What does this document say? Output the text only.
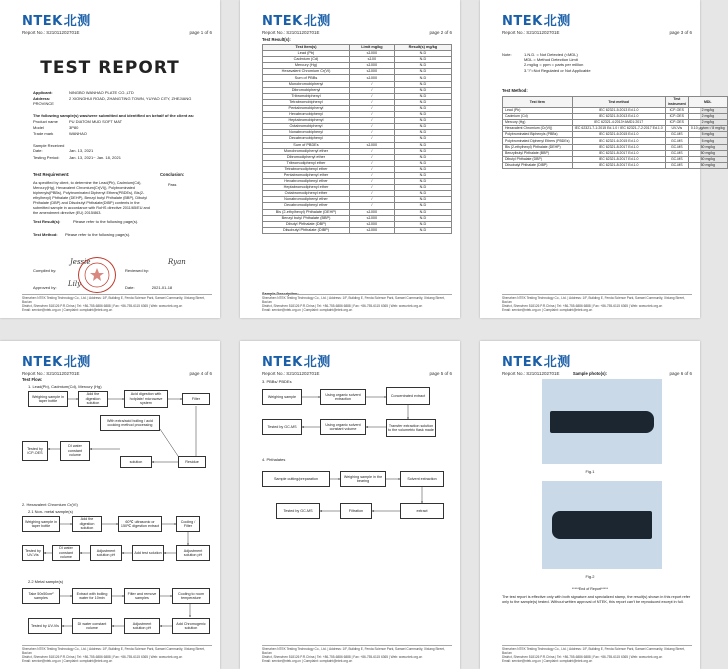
NTEK北测
Report No.: S21011202701E	page 1 of 6
TEST REPORT
Applicant:	NINGBO WANHAO PLATE CO.,LTD
Address:	2 XIONGHUI ROAD, ZHANGTING TOWN, YUYAO CITY, ZHEJIANG PROVINCE
The following sample(s) was/were submitted and identified on behalf of the client as:
Product name	PU DIATOM MUD SOFT MAT
Model	3P80
Trade mark	WANHAO
Sample Received Date:	Jan. 13, 2021
Testing Period: Jan. 13, 2021~ Jan. 18, 2021
Test Requirement:	Conclusion:
As specified by client, to determine the Lead(Pb), Cadmium(Cd), Mercury(Hg), Hexavalent Chromium(Cr(VI)), Polybrominated biphenyls(PBBs), Polybrominated Diphenyl Ethers(PBDEs), Bis(2-ethylhexyl) Phthalate (DEHP), Benzyl butyl Phthalate (BBP), Dibutyl Phthalate (DBP) and Diisobutyl Phthalate(DIBP) contents in the submitted sample in accordance with RoHS directive 2011/65/EU and the amendment directive (EU) 2015/863.
Pass
Test Result(s):	Please refer to the following page(s).
Test Method: Please refer to the following page(s).
Compiled by:	Reviewed by:
Approved by:	Date:	2021-01-18
Jessie	Ryan
Lily
Shenzhen NTEK Testing Technology Co., Ltd. | Address: 1/F, Building E, Fenda Science Park, Sanwei Community, Xixiang Street, Bao'an
District, Shenzhen 518126 P.R.China | Tel: +86-755-6886 6888 | Fax: +86-755-6115 6365 | Web: www.ntek.org.cn
Email: service@ntek.org.cn | Complaint: complaint@ntek.org.cn
NTEK北测
Report No.: S21011202701E	page 2 of 6
Test Result(s):
Test Item(s)	Limit mg/kg	Result(s) mg/kg
Lead (Pb)	≤1000	N.D
Cadmium (Cd)	≤100	N.D
Mercury (Hg)	≤1000	N.D
Hexavalent Chromium Cr(VI)	≤1000	N.D
Sum of PBBs	≤1000	N.D
Monobromobiphenyl	/	N.D
Dibromobiphenyl	/	N.D
Tribromobiphenyl	/	N.D
Tetrabromobiphenyl	/	N.D
Pentabromobiphenyl	/	N.D
Hexabromobiphenyl	/	N.D
Heptabromobiphenyl	/	N.D
Octabromobiphenyl	/	N.D
Nonabromobiphenyl	/	N.D
Decabromobiphenyl	/	N.D
Sum of PBDEs	≤1000	N.D
Monobromodiphenyl ether	/	N.D
Dibromodiphenyl ether	/	N.D
Tribromodiphenyl ether	/	N.D
Tetrabromodiphenyl ether	/	N.D
Pentabromodiphenyl ether	/	N.D
Hexabromodiphenyl ether	/	N.D
Heptabromodiphenyl ether	/	N.D
Octabromodiphenyl ether	/	N.D
Nonabromodiphenyl ether	/	N.D
Decabromodiphenyl ether	/	N.D
Bis (2-ethylhexyl) Phthalate (DEHP)	≤1000	N.D
Benzyl butyl Phthalate (BBP)	≤1000	N.D
Dibutyl Phthalate (DBP)	≤1000	N.D
Diisobutyl Phthalate (DIBP)	≤1000	N.D
Sample Description:
Shenzhen NTEK Testing Technology Co., Ltd. | Address: 1/F, Building E, Fenda Science Park, Sanwei Community, Xixiang Street, Bao'an
District, Shenzhen 518126 P.R.China | Tel: +86-755-6886 6888 | Fax: +86-755-6115 6365 | Web: www.ntek.org.cn
Email: service@ntek.org.cn | Complaint: complaint@ntek.org.cn
NTEK北测
Report No.: S21011202701E	page 3 of 6
Note:	1.N.D. = Not Detected (<MDL)
MDL = Method Detection Limit
2.mg/kg = ppm = parts per million
3."/"=Not Regulated or Not Applicable
Test Method:
Test Item	Test method	Test instrument	MDL
Lead (Pb)	IEC 62321-5:2013 Ed.1.0	ICP-OES	2 mg/kg
Cadmium (Cd)	IEC 62321-5:2013 Ed.1.0	ICP-OES	2 mg/kg
Mercury (Hg)	IEC 62321-4:2013+AMD1:2017	ICP-OES	2 mg/kg
Hexavalent Chromium (Cr(VI))	IEC 62321-7-1:2015 Ed.1.0 / IEC 62321-7-2:2017 Ed.1.0	UV-Vis	0.10 μg/cm² / 8 mg/kg
Polybrominated Biphenyls (PBBs)	IEC 62321-6:2015 Ed.1.0	GC-MS	5 mg/kg
Polybrominated Diphenyl Ethers (PBDEs)	IEC 62321-6:2015 Ed.1.0	GC-MS	5 mg/kg
Bis (2-ethylhexyl) Phthalate (DEHP)	IEC 62321-8:2017 Ed.1.0	GC-MS	50 mg/kg
Benzylbutyl Phthalate (BBP)	IEC 62321-8:2017 Ed.1.0	GC-MS	50 mg/kg
Dibutyl Phthalate (DBP)	IEC 62321-8:2017 Ed.1.0	GC-MS	50 mg/kg
Diisobutyl Phthalate (DIBP)	IEC 62321-8:2017 Ed.1.0	GC-MS	50 mg/kg
Shenzhen NTEK Testing Technology Co., Ltd. | Address: 1/F, Building E, Fenda Science Park, Sanwei Community, Xixiang Street, Bao'an
District, Shenzhen 518126 P.R.China | Tel: +86-755-6886 6888 | Fax: +86-755-6115 6365 | Web: www.ntek.org.cn
Email: service@ntek.org.cn | Complaint: complaint@ntek.org.cn
NTEK北测
Report No.: S21011202701E	page 4 of 6
Test Flow:
1. Lead(Pb), Cadmium(Cd), Mercury (Hg)
Weighing sample in taper bottle
Add the digestion solution
Acid digestion with hotplate/ microwave system
Filter
With extra/acid boiling / acid cooking method processing
Residue
Tested by ICP-OES
DI water constant volume
solution
2. Hexavalent Chromium Cr(VI)
2.1 Non- metal sample(s)
Weighing sample in taper bottle
Add the digestion solution
60℃ ultrasonic or 150℃ digestion extract
Cooling / Filter
Tested by UV-Vis
DI water constant volume
Adjustment solution pH
Add test solution
Adjustment solution pH
2.2 Metal sample(s)
Take 50x50cm² samples
Extract with boiling water for 10min
Filter and remove samples
Cooling to room temperature
Tested by UV-Vis
DI water constant volume
Adjustment solution pH
Add Chromogenic solution
Shenzhen NTEK Testing Technology Co., Ltd. | Address: 1/F, Building E, Fenda Science Park, Sanwei Community, Xixiang Street, Bao'an
District, Shenzhen 518126 P.R.China | Tel: +86-755-6886 6888 | Fax: +86-755-6115 6365 | Web: www.ntek.org.cn
Email: service@ntek.org.cn | Complaint: complaint@ntek.org.cn
NTEK北测
Report No.: S21011202701E	page 5 of 6
3. PBBs/ PBDEs
Weighing sample
Using organic solvent extraction
Concentrated extract
Tested by GC-MS
Using organic solvent constant volume
Transfer extraction solution to the volumetric flask made
4. Phthalates
Sample cutting/preparation
Weighing sample in the bearing
Solvent extraction
Tested by GC-MS	Filtration	extract
Shenzhen NTEK Testing Technology Co., Ltd. | Address: 1/F, Building E, Fenda Science Park, Sanwei Community, Xixiang Street, Bao'an
District, Shenzhen 518126 P.R.China | Tel: +86-755-6886 6888 | Fax: +86-755-6115 6365 | Web: www.ntek.org.cn
Email: service@ntek.org.cn | Complaint: complaint@ntek.org.cn
NTEK北测
Report No.: S21011202701E	page 6 of 6
Sample photo(s):
Fig.1
Fig.2
*****End of Report*****
The test report is effective only with both signature and specialized stamp, the result(s) shown in this report refer only to the sample(s) tested. Without written approval of NTEK, this report can't be reproduced except in full.
Shenzhen NTEK Testing Technology Co., Ltd. | Address: 1/F, Building E, Fenda Science Park, Sanwei Community, Xixiang Street, Bao'an
District, Shenzhen 518126 P.R.China | Tel: +86-755-6886 6888 | Fax: +86-755-6115 6365 | Web: www.ntek.org.cn
Email: service@ntek.org.cn | Complaint: complaint@ntek.org.cn
